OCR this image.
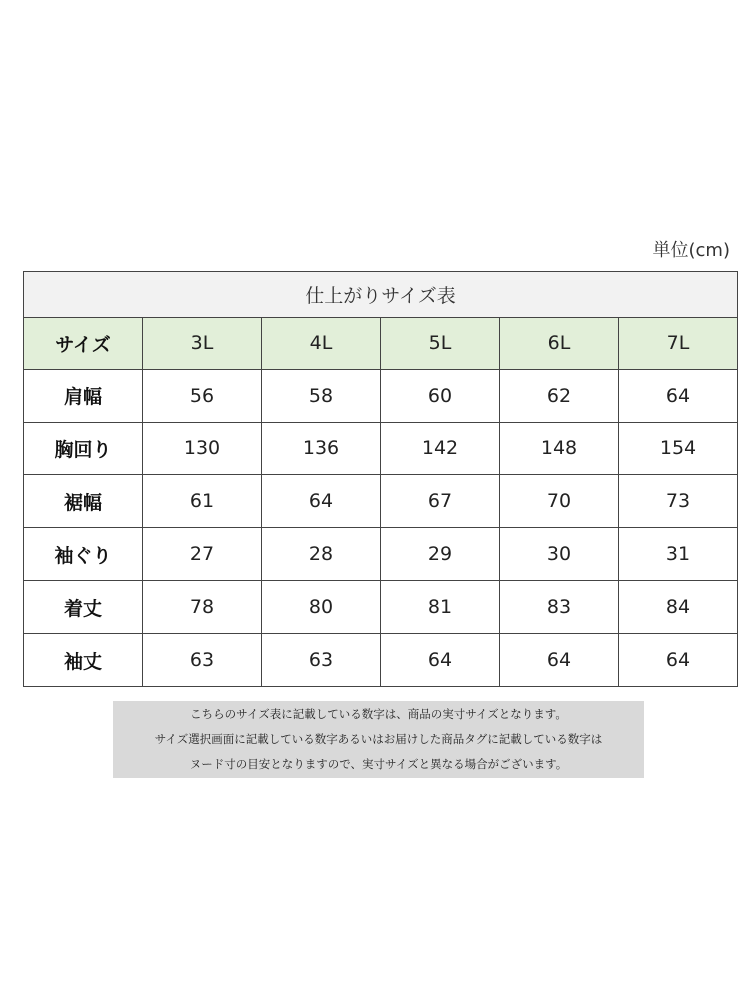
単位(cm)
仕上がりサイズ表					
サイズ	3L	4L	5L	6L	7L
肩幅	56	58	60	62	64
胸回り	130	136	142	148	154
裾幅	61	64	67	70	73
袖ぐり	27	28	29	30	31
着丈	78	80	81	83	84
袖丈	63	63	64	64	64
こちらのサイズ表に記載している数字は、商品の実寸サイズとなります。
サイズ選択画面に記載している数字あるいはお届けした商品タグに記載している数字は
ヌード寸の目安となりますので、実寸サイズと異なる場合がございます。
